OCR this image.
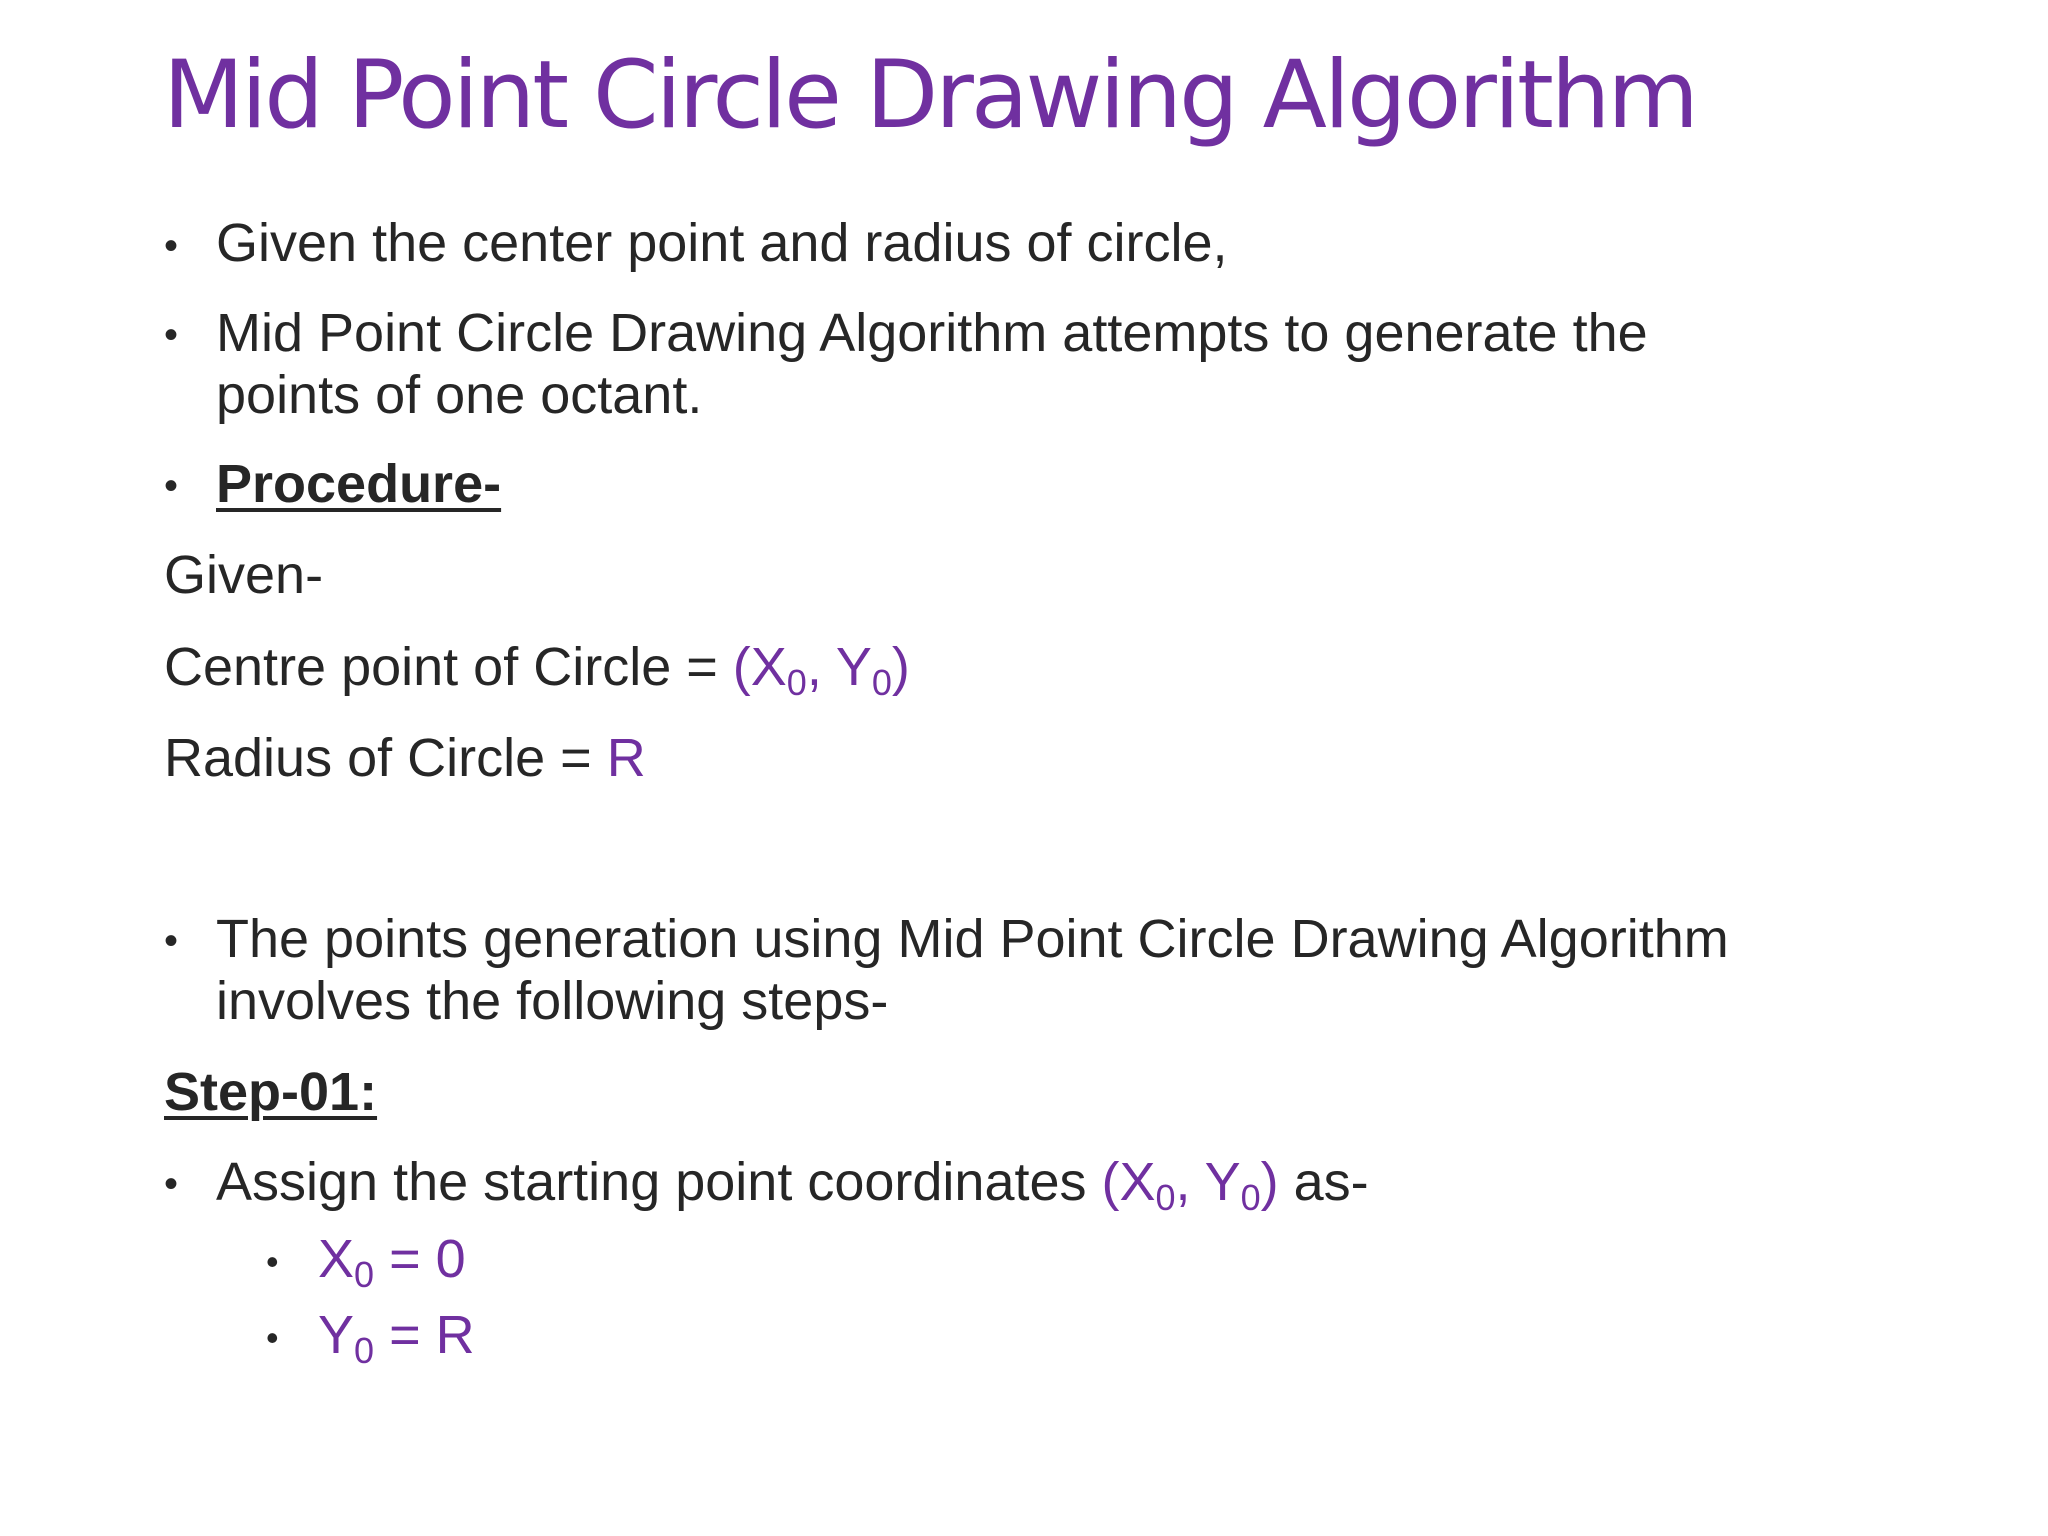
Mid Point Circle Drawing Algorithm
• Given the center point and radius of circle,
• Mid Point Circle Drawing Algorithm attempts to generate the
points of one octant.
• Procedure-
Given-
Centre point of Circle = ($X_0$, $Y_0$)
Radius of Circle = R
• The points generation using Mid Point Circle Drawing Algorithm
involves the following steps-
Step-01:
• Assign the starting point coordinates ($X_0$, $Y_0$) as-
• $X_0 = 0$
• $Y_0 = R$
